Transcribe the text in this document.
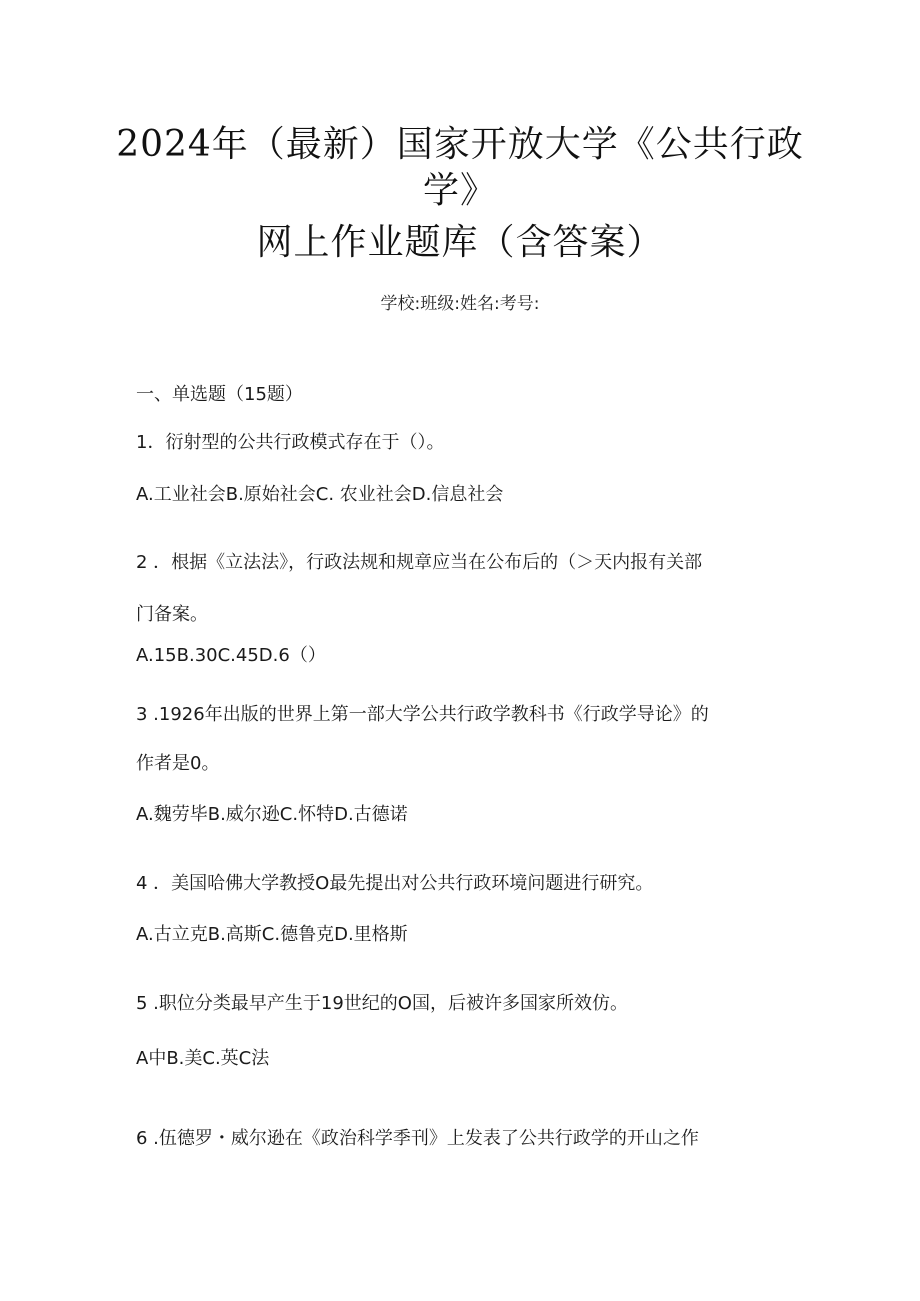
2024年（最新）国家开放大学《公共行政
学》
网上作业题库（含答案）
学校:班级:姓名:考号:
一、单选题（15题）
1．衍射型的公共行政模式存在于（）。
A.工业社会B.原始社会C. 农业社会D.信息社会
2 ．根据《立法法》，行政法规和规章应当在公布后的（＞天内报有关部
门备案。
A.15B.30C.45D.6（）
3 .1926年出版的世界上第一部大学公共行政学教科书《行政学导论》的
作者是0。
A.魏劳毕B.威尔逊C.怀特D.古德诺
4 ．美国哈佛大学教授O最先提出对公共行政环境问题进行研究。
A.古立克B.高斯C.德鲁克D.里格斯
5 .职位分类最早产生于19世纪的O国，后被许多国家所效仿。
A中B.美C.英C法
6 .伍德罗・威尔逊在《政治科学季刊》上发表了公共行政学的开山之作
